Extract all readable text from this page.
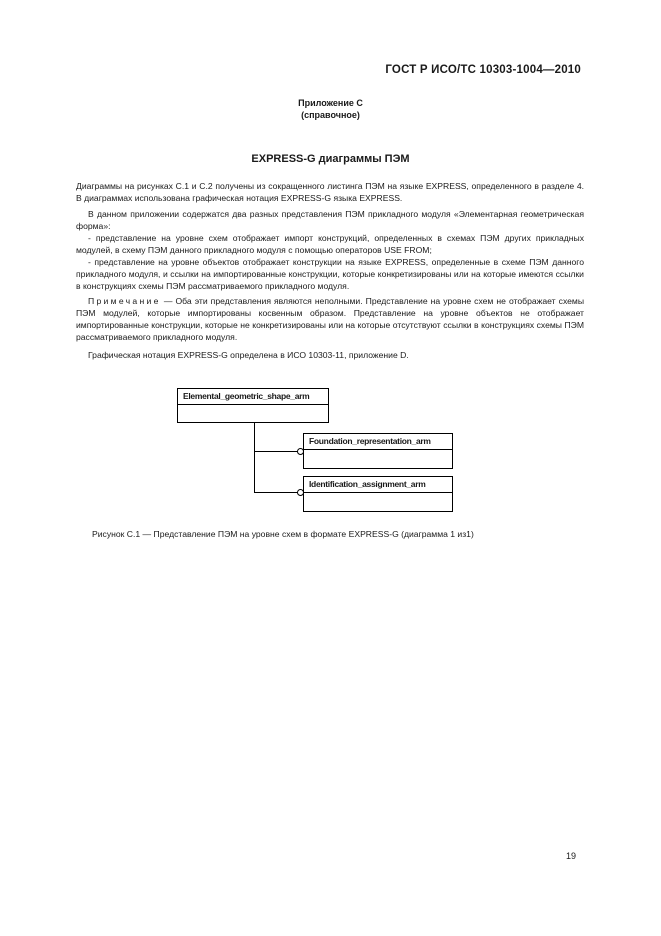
ГОСТ Р ИСО/ТС 10303-1004—2010
Приложение С
(справочное)
EXPRESS-G диаграммы ПЭМ

Диаграммы на рисунках С.1 и С.2 получены из сокращенного листинга ПЭМ на языке EXPRESS, определенного в разделе 4. В диаграммах использована графическая нотация EXPRESS-G языка EXPRESS.

В данном приложении содержатся два разных представления ПЭМ прикладного модуля «Элементарная геометрическая форма»:

- представление на уровне схем отображает импорт конструкций, определенных в схемах ПЭМ других прикладных модулей, в схему ПЭМ данного прикладного модуля с помощью операторов USE FROM;

- представление на уровне объектов отображает конструкции на языке EXPRESS, определенные в схеме ПЭМ данного прикладного модуля, и ссылки на импортированные конструкции, которые конкретизированы или на которые имеются ссылки в конструкциях схемы ПЭМ рассматриваемого прикладного модуля.

Примечание — Оба эти представления являются неполными. Представление на уровне схем не отображает схемы ПЭМ модулей, которые импортированы косвенным образом. Представление на уровне объектов не отображает импортированные конструкции, которые не конкретизированы или на которые отсутствуют ссылки в конструкциях схемы ПЭМ рассматриваемого прикладного модуля.

Графическая нотация EXPRESS-G определена в ИСО 10303-11, приложение D.
Elemental_geometric_shape_arm
Foundation_representation_arm
Identification_assignment_arm
Рисунок С.1 — Представление ПЭМ на уровне схем в формате EXPRESS-G (диаграмма 1 из1)
19
